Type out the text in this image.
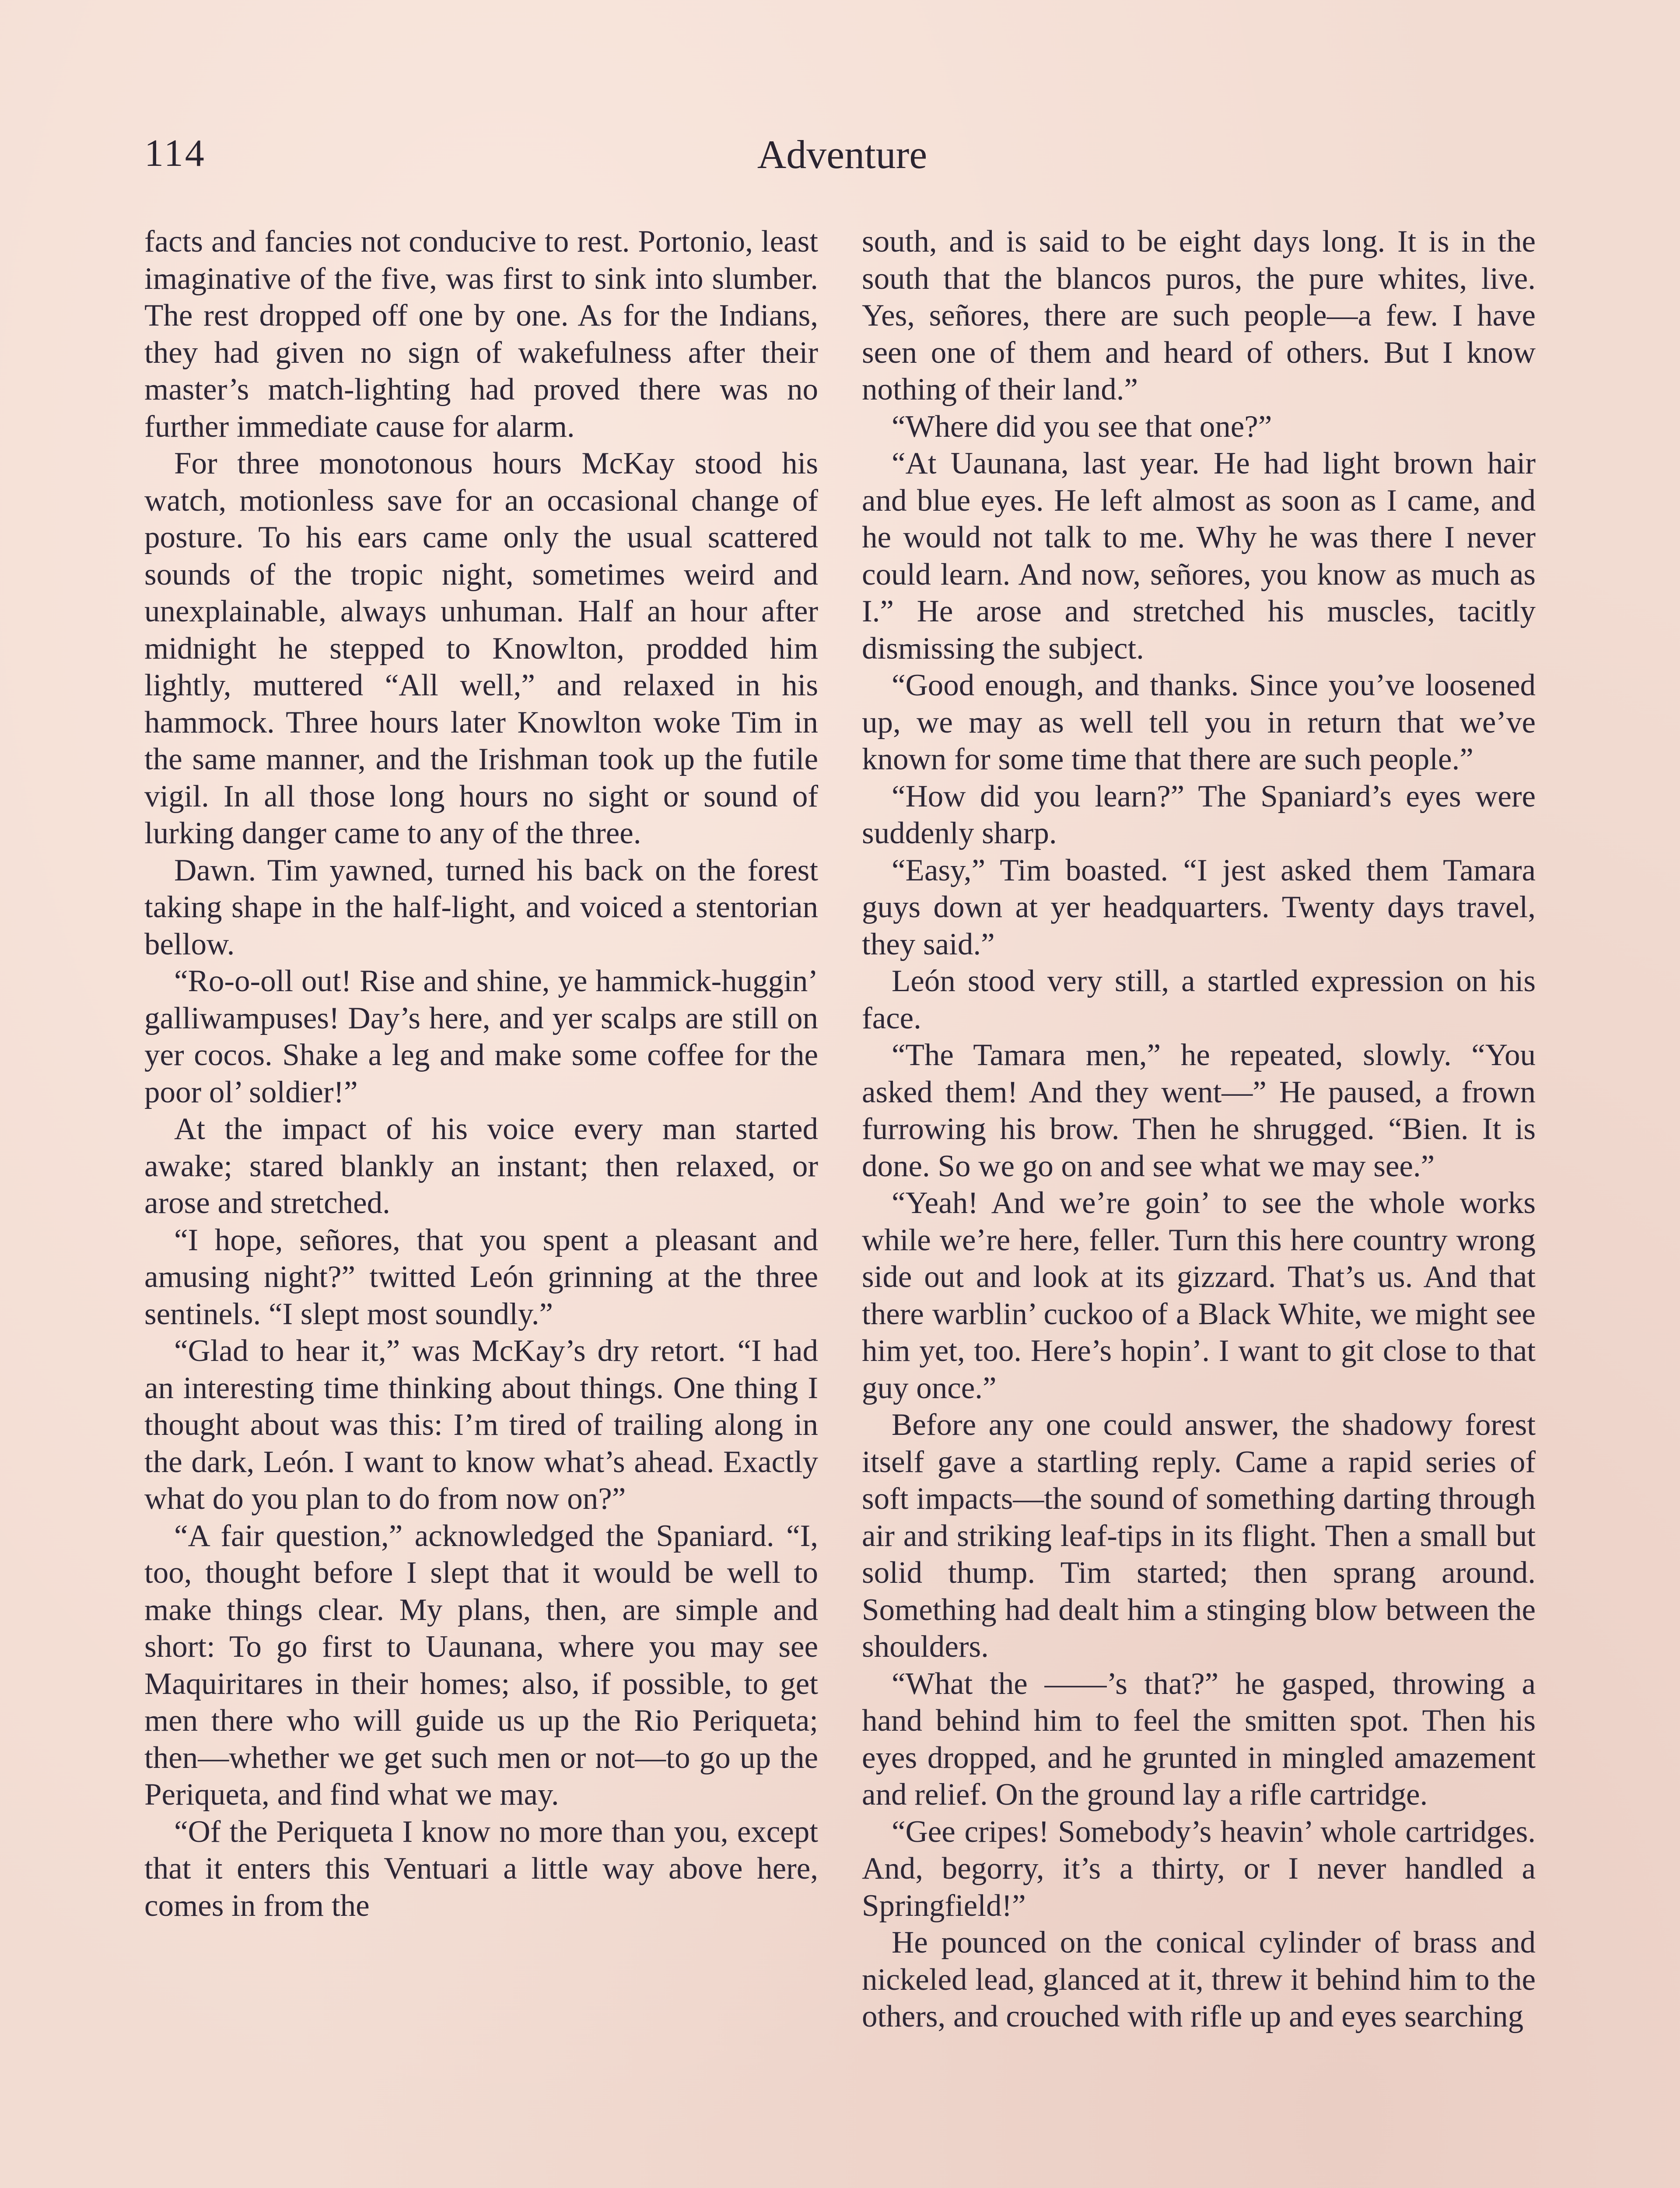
114	Adventure

facts and fancies not conducive to rest. Portonio, least imaginative of the five, was first to sink into slumber. The rest dropped off one by one. As for the Indians, they had given no sign of wakefulness after their master’s match-lighting had proved there was no further immediate cause for alarm.

For three monotonous hours McKay stood his watch, motionless save for an occasional change of posture. To his ears came only the usual scattered sounds of the tropic night, sometimes weird and unexplainable, always unhuman. Half an hour after midnight he stepped to Knowlton, prodded him lightly, muttered “All well,” and relaxed in his hammock. Three hours later Knowlton woke Tim in the same manner, and the Irishman took up the futile vigil. In all those long hours no sight or sound of lurking danger came to any of the three.

Dawn. Tim yawned, turned his back on the forest taking shape in the half-light, and voiced a stentorian bellow.

“Ro-o-oll out! Rise and shine, ye hammick-huggin’ galliwampuses! Day’s here, and yer scalps are still on yer cocos. Shake a leg and make some coffee for the poor ol’ soldier!”

At the impact of his voice every man started awake; stared blankly an instant; then relaxed, or arose and stretched.

“I hope, señores, that you spent a pleasant and amusing night?” twitted León grinning at the three sentinels. “I slept most soundly.”

“Glad to hear it,” was McKay’s dry retort. “I had an interesting time thinking about things. One thing I thought about was this: I’m tired of trailing along in the dark, León. I want to know what’s ahead. Exactly what do you plan to do from now on?”

“A fair question,” acknowledged the Spaniard. “I, too, thought before I slept that it would be well to make things clear. My plans, then, are simple and short: To go first to Uaunana, where you may see Maquiritares in their homes; also, if possible, to get men there who will guide us up the Rio Periqueta; then—whether we get such men or not—to go up the Periqueta, and find what we may.

“Of the Periqueta I know no more than you, except that it enters this Ventuari a little way above here, comes in from the

south, and is said to be eight days long. It is in the south that the blancos puros, the pure whites, live. Yes, señores, there are such people—a few. I have seen one of them and heard of others. But I know nothing of their land.”

“Where did you see that one?”

“At Uaunana, last year. He had light brown hair and blue eyes. He left almost as soon as I came, and he would not talk to me. Why he was there I never could learn. And now, señores, you know as much as I.” He arose and stretched his muscles, tacitly dismissing the subject.

“Good enough, and thanks. Since you’ve loosened up, we may as well tell you in return that we’ve known for some time that there are such people.”

“How did you learn?” The Spaniard’s eyes were suddenly sharp.

“Easy,” Tim boasted. “I jest asked them Tamara guys down at yer headquarters. Twenty days travel, they said.”

León stood very still, a startled expression on his face.

“The Tamara men,” he repeated, slowly. “You asked them! And they went—” He paused, a frown furrowing his brow. Then he shrugged. “Bien. It is done. So we go on and see what we may see.”

“Yeah! And we’re goin’ to see the whole works while we’re here, feller. Turn this here country wrong side out and look at its gizzard. That’s us. And that there warblin’ cuckoo of a Black White, we might see him yet, too. Here’s hopin’. I want to git close to that guy once.”

Before any one could answer, the shadowy forest itself gave a startling reply. Came a rapid series of soft impacts—the sound of something darting through air and striking leaf-tips in its flight. Then a small but solid thump. Tim started; then sprang around. Something had dealt him a stinging blow between the shoulders.

“What the ——’s that?” he gasped, throwing a hand behind him to feel the smitten spot. Then his eyes dropped, and he grunted in mingled amazement and relief. On the ground lay a rifle cartridge.

“Gee cripes! Somebody’s heavin’ whole cartridges. And, begorry, it’s a thirty, or I never handled a Springfield!”

He pounced on the conical cylinder of brass and nickeled lead, glanced at it, threw it behind him to the others, and crouched with rifle up and eyes searching
